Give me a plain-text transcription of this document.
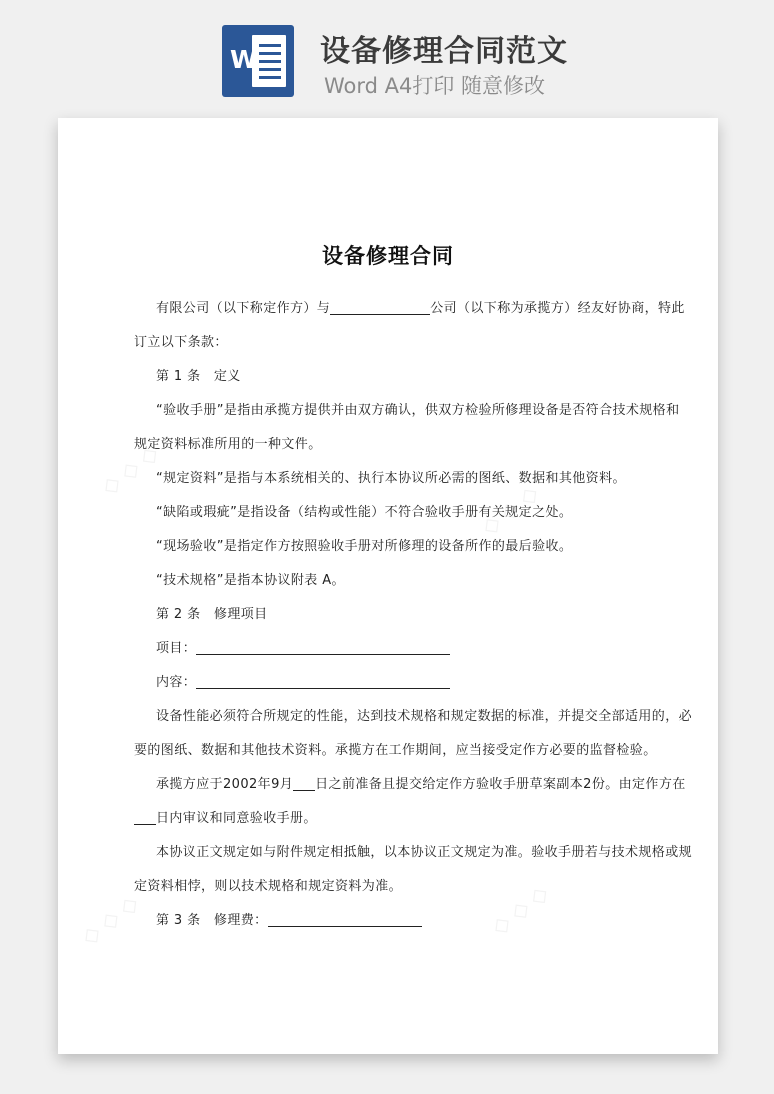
W 设备修理合同范文
Word A4打印 随意修改
◇ ◇ ◇
◇ ◇ ◇
◇ ◇ ◇	◇ ◇ ◇
设备修理合同
有限公司（以下称定作方）与	公司（以下称为承揽方）经友好协商，特此
订立以下条款：
第 1 条　定义
“验收手册”是指由承揽方提供并由双方确认，供双方检验所修理设备是否符合技术规格和
规定资料标准所用的一种文件。
“规定资料”是指与本系统相关的、执行本协议所必需的图纸、数据和其他资料。
“缺陷或瑕疵”是指设备（结构或性能）不符合验收手册有关规定之处。
“现场验收”是指定作方按照验收手册对所修理的设备所作的最后验收。
“技术规格”是指本协议附表 A。
第 2 条　修理项目
项目：
内容：
设备性能必须符合所规定的性能，达到技术规格和规定数据的标准，并提交全部适用的，必
要的图纸、数据和其他技术资料。承揽方在工作期间，应当接受定作方必要的监督检验。
承揽方应于2002年9月 日之前准备且提交给定作方验收手册草案副本2份。由定作方在
日内审议和同意验收手册。
本协议正文规定如与附件规定相抵触，以本协议正文规定为准。验收手册若与技术规格或规
定资料相悖，则以技术规格和规定资料为准。
第 3 条　修理费：
